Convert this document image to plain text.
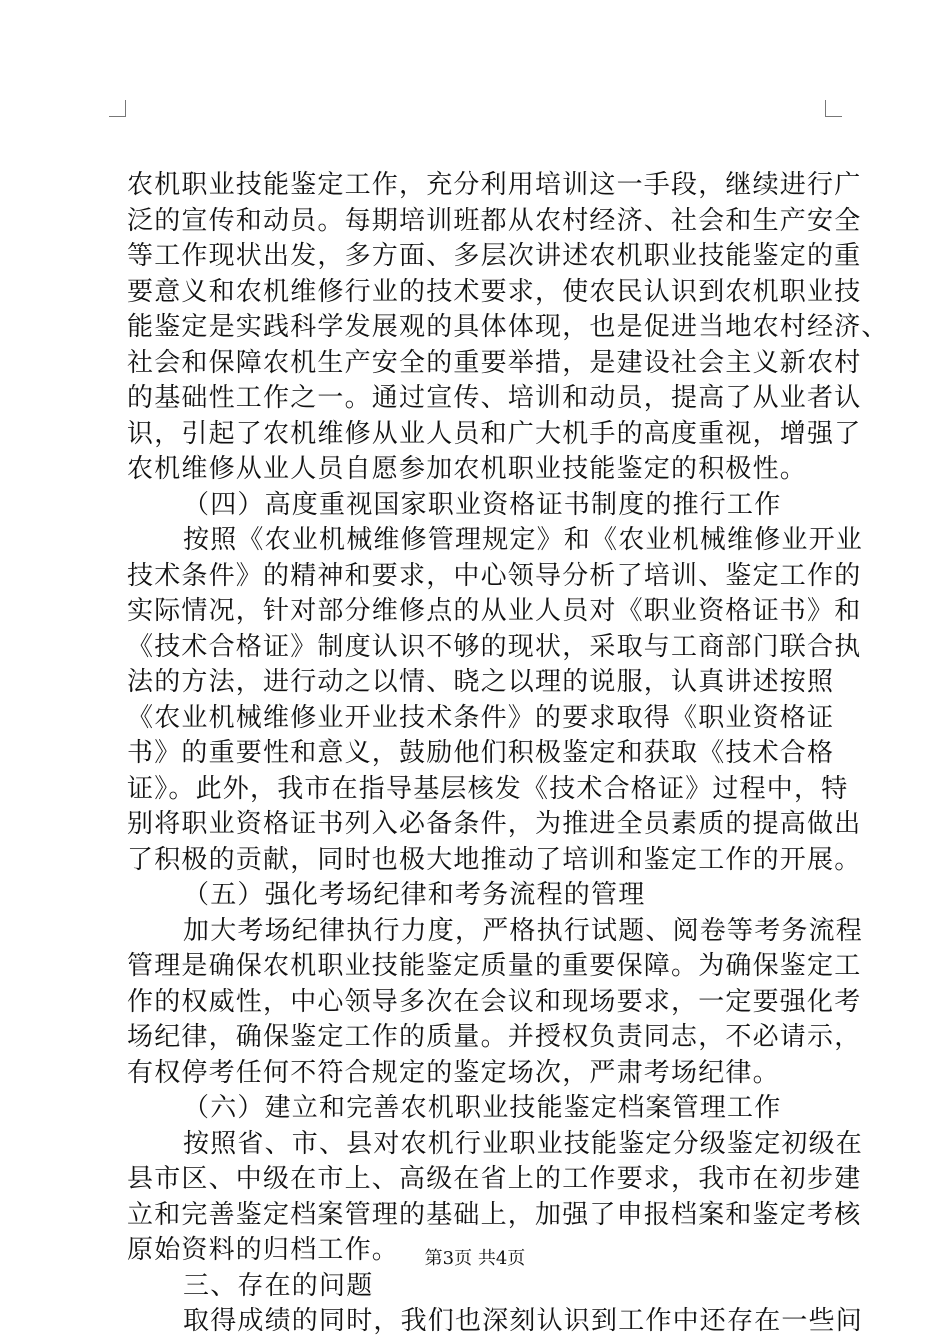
农机职业技能鉴定工作，充分利用培训这一手段，继续进行广
泛的宣传和动员。每期培训班都从农村经济、社会和生产安全
等工作现状出发，多方面、多层次讲述农机职业技能鉴定的重
要意义和农机维修行业的技术要求，使农民认识到农机职业技
能鉴定是实践科学发展观的具体体现，也是促进当地农村经济、
社会和保障农机生产安全的重要举措，是建设社会主义新农村
的基础性工作之一。通过宣传、培训和动员，提高了从业者认
识，引起了农机维修从业人员和广大机手的高度重视，增强了
农机维修从业人员自愿参加农机职业技能鉴定的积极性。
（四）高度重视国家职业资格证书制度的推行工作
按照《农业机械维修管理规定》和《农业机械维修业开业
技术条件》的精神和要求，中心领导分析了培训、鉴定工作的
实际情况，针对部分维修点的从业人员对《职业资格证书》和
《技术合格证》制度认识不够的现状，采取与工商部门联合执
法的方法，进行动之以情、晓之以理的说服，认真讲述按照
《农业机械维修业开业技术条件》的要求取得《职业资格证
书》的重要性和意义，鼓励他们积极鉴定和获取《技术合格
证》。此外，我市在指导基层核发《技术合格证》过程中，特
别将职业资格证书列入必备条件，为推进全员素质的提高做出
了积极的贡献，同时也极大地推动了培训和鉴定工作的开展。
（五）强化考场纪律和考务流程的管理
加大考场纪律执行力度，严格执行试题、阅卷等考务流程
管理是确保农机职业技能鉴定质量的重要保障。为确保鉴定工
作的权威性，中心领导多次在会议和现场要求，一定要强化考
场纪律，确保鉴定工作的质量。并授权负责同志，不必请示，
有权停考任何不符合规定的鉴定场次，严肃考场纪律。
（六）建立和完善农机职业技能鉴定档案管理工作
按照省、市、县对农机行业职业技能鉴定分级鉴定初级在
县市区、中级在市上、高级在省上的工作要求，我市在初步建
立和完善鉴定档案管理的基础上，加强了申报档案和鉴定考核
原始资料的归档工作。
三、存在的问题
取得成绩的同时，我们也深刻认识到工作中还存在一些问
第3页 共4页
